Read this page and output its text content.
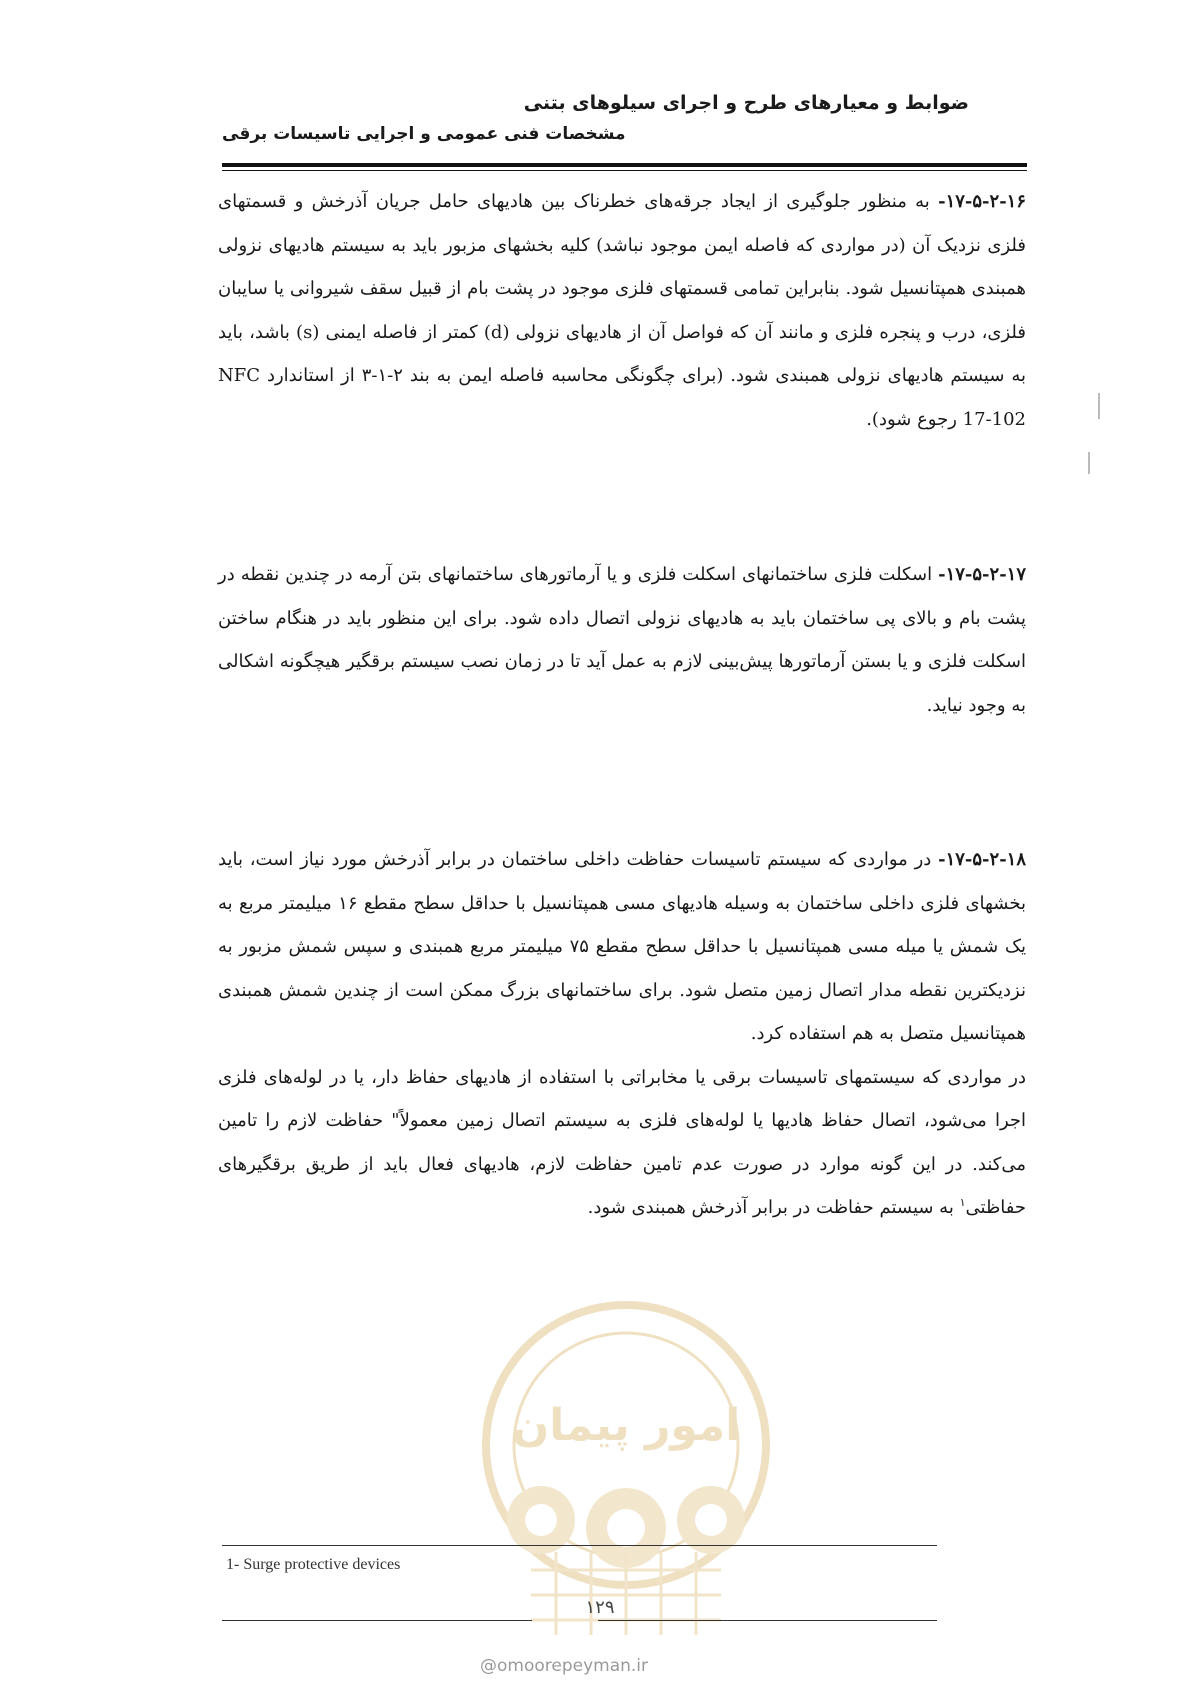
ضوابط و معیارهای طرح و اجرای سیلوهای بتنی
مشخصات فنی عمومی و اجرایی تاسیسات برقی

۱۷-۵-۲-۱۶- به منظور جلوگیری از ایجاد جرقه‌های خطرناک بین هادیهای حامل جریان آذرخش و قسمتهای فلزی نزدیک آن (در مواردی که فاصله ایمن موجود نباشد) کلیه بخشهای مزبور باید به سیستم هادیهای نزولی همبندی همپتانسیل شود. بنابراین تمامی قسمتهای فلزی موجود در پشت بام از قبیل سقف شیروانی یا سایبان فلزی، درب و پنجره فلزی و مانند آن که فواصل آن از هادیهای نزولی (d) کمتر از فاصله ایمنی (s) باشد، باید به سیستم هادیهای نزولی همبندی شود. (برای چگونگی محاسبه فاصله ایمن به بند ۲-۱-۳ از استاندارد NFC 17-102 رجوع شود).

۱۷-۵-۲-۱۷- اسکلت فلزی ساختمانهای اسکلت فلزی و یا آرماتورهای ساختمانهای بتن آرمه در چندین نقطه در پشت بام و بالای پی ساختمان باید به هادیهای نزولی اتصال داده شود. برای این منظور باید در هنگام ساختن اسکلت فلزی و یا بستن آرماتورها پیش‌بینی لازم به عمل آید تا در زمان نصب سیستم برقگیر هیچگونه اشکالی به وجود نیاید.

۱۷-۵-۲-۱۸- در مواردی که سیستم تاسیسات حفاظت داخلی ساختمان در برابر آذرخش مورد نیاز است، باید بخشهای فلزی داخلی ساختمان به وسیله هادیهای مسی همپتانسیل با حداقل سطح مقطع ۱۶ میلیمتر مربع به یک شمش یا میله مسی همپتانسیل با حداقل سطح مقطع ۷۵ میلیمتر مربع همبندی و سپس شمش مزبور به نزدیکترین نقطه مدار اتصال زمین متصل شود. برای ساختمانهای بزرگ ممکن است از چندین شمش همبندی همپتانسیل متصل به هم استفاده کرد.

در مواردی که سیستمهای تاسیسات برقی یا مخابراتی با استفاده از هادیهای حفاظ دار، یا در لوله‌های فلزی اجرا می‌شود، اتصال حفاظ هادیها یا لوله‌های فلزی به سیستم اتصال زمین معمولاً" حفاظت لازم را تامین می‌کند. در این گونه موارد در صورت عدم تامین حفاظت لازم، هادیهای فعال باید از طریق برقگیرهای حفاظتی$^۱$ به سیستم حفاظت در برابر آذرخش همبندی شود.

امور پیمان
1- Surge protective devices
۱۲۹
@omoorepeyman.ir
